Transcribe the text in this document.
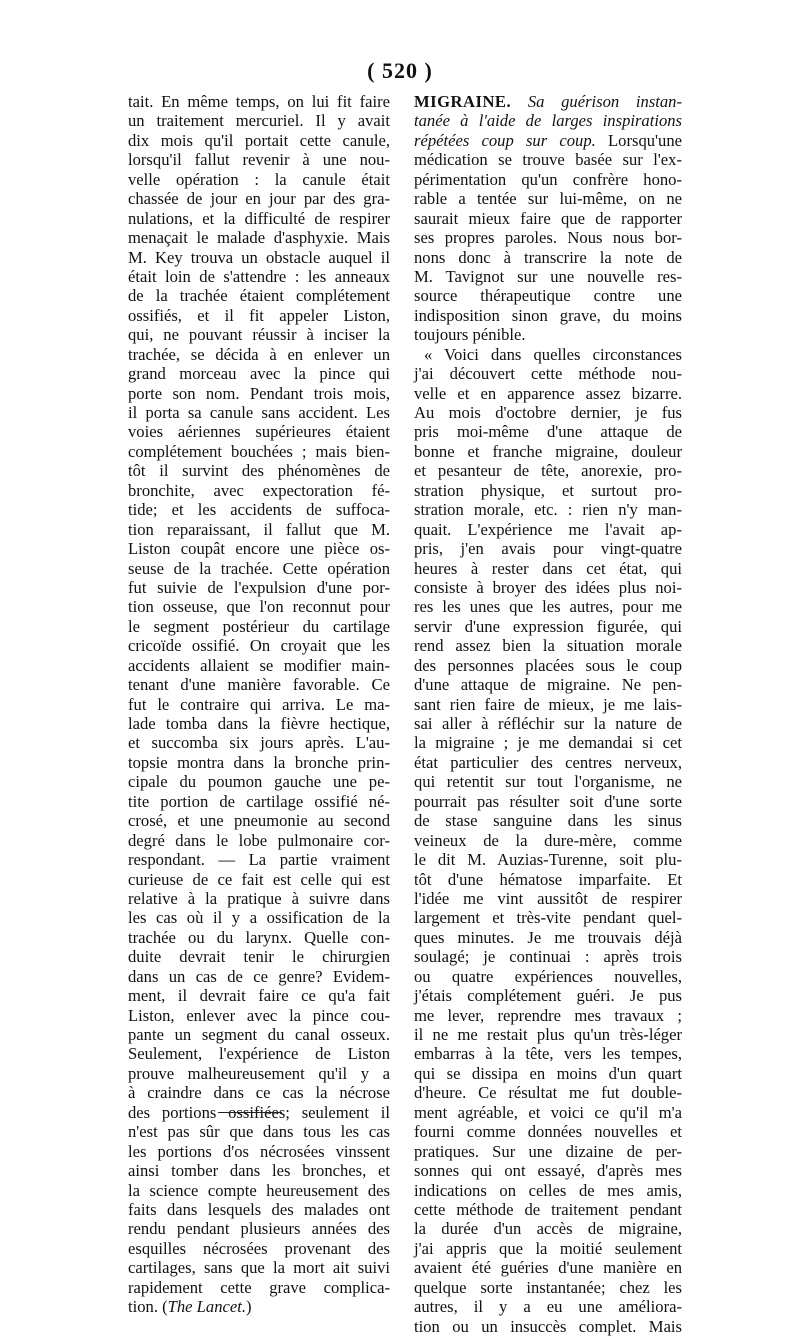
( 520 )
tait. En même temps, on lui fit faire
un traitement mercuriel. Il y avait
dix mois qu'il portait cette canule,
lorsqu'il fallut revenir à une nou-
velle opération : la canule était
chassée de jour en jour par des gra-
nulations, et la difficulté de respirer
menaçait le malade d'asphyxie. Mais
M. Key trouva un obstacle auquel il
était loin de s'attendre : les anneaux
de la trachée étaient complétement
ossifiés, et il fit appeler Liston,
qui, ne pouvant réussir à inciser la
trachée, se décida à en enlever un
grand morceau avec la pince qui
porte son nom. Pendant trois mois,
il porta sa canule sans accident. Les
voies aériennes supérieures étaient
complétement bouchées ; mais bien-
tôt il survint des phénomènes de
bronchite, avec expectoration fé-
tide; et les accidents de suffoca-
tion reparaissant, il fallut que M.
Liston coupât encore une pièce os-
seuse de la trachée. Cette opération
fut suivie de l'expulsion d'une por-
tion osseuse, que l'on reconnut pour
le segment postérieur du cartilage
cricoïde ossifié. On croyait que les
accidents allaient se modifier main-
tenant d'une manière favorable. Ce
fut le contraire qui arriva. Le ma-
lade tomba dans la fièvre hectique,
et succomba six jours après. L'au-
topsie montra dans la bronche prin-
cipale du poumon gauche une pe-
tite portion de cartilage ossifié né-
crosé, et une pneumonie au second
degré dans le lobe pulmonaire cor-
respondant. — La partie vraiment
curieuse de ce fait est celle qui est
relative à la pratique à suivre dans
les cas où il y a ossification de la
trachée ou du larynx. Quelle con-
duite devrait tenir le chirurgien
dans un cas de ce genre? Evidem-
ment, il devrait faire ce qu'a fait
Liston, enlever avec la pince cou-
pante un segment du canal osseux.
Seulement, l'expérience de Liston
prouve malheureusement qu'il y a
à craindre dans ce cas la nécrose
des portions ossifiées; seulement il
n'est pas sûr que dans tous les cas
les portions d'os nécrosées vinssent
ainsi tomber dans les bronches, et
la science compte heureusement des
faits dans lesquels des malades ont
rendu pendant plusieurs années des
esquilles nécrosées provenant des
cartilages, sans que la mort ait suivi
rapidement cette grave complica-
tion. (The Lancet.)
MIGRAINE. Sa guérison instan-
tanée à l'aide de larges inspirations
répétées coup sur coup. Lorsqu'une
médication se trouve basée sur l'ex-
périmentation qu'un confrère hono-
rable a tentée sur lui-même, on ne
saurait mieux faire que de rapporter
ses propres paroles. Nous nous bor-
nons donc à transcrire la note de
M. Tavignot sur une nouvelle res-
source thérapeutique contre une
indisposition sinon grave, du moins
toujours pénible.
« Voici dans quelles circonstances
j'ai découvert cette méthode nou-
velle et en apparence assez bizarre.
Au mois d'octobre dernier, je fus
pris moi-même d'une attaque de
bonne et franche migraine, douleur
et pesanteur de tête, anorexie, pro-
stration physique, et surtout pro-
stration morale, etc. : rien n'y man-
quait. L'expérience me l'avait ap-
pris, j'en avais pour vingt-quatre
heures à rester dans cet état, qui
consiste à broyer des idées plus noi-
res les unes que les autres, pour me
servir d'une expression figurée, qui
rend assez bien la situation morale
des personnes placées sous le coup
d'une attaque de migraine. Ne pen-
sant rien faire de mieux, je me lais-
sai aller à réfléchir sur la nature de
la migraine ; je me demandai si cet
état particulier des centres nerveux,
qui retentit sur tout l'organisme, ne
pourrait pas résulter soit d'une sorte
de stase sanguine dans les sinus
veineux de la dure-mère, comme
le dit M. Auzias-Turenne, soit plu-
tôt d'une hématose imparfaite. Et
l'idée me vint aussitôt de respirer
largement et très-vite pendant quel-
ques minutes. Je me trouvais déjà
soulagé; je continuai : après trois
ou quatre expériences nouvelles,
j'étais complétement guéri. Je pus
me lever, reprendre mes travaux ;
il ne me restait plus qu'un très-léger
embarras à la tête, vers les tempes,
qui se dissipa en moins d'un quart
d'heure. Ce résultat me fut double-
ment agréable, et voici ce qu'il m'a
fourni comme données nouvelles et
pratiques. Sur une dizaine de per-
sonnes qui ont essayé, d'après mes
indications on celles de mes amis,
cette méthode de traitement pendant
la durée d'un accès de migraine,
j'ai appris que la moitié seulement
avaient été guéries d'une manière en
quelque sorte instantanée; chez les
autres, il y a eu une améliora-
tion ou un insuccès complet. Mais
